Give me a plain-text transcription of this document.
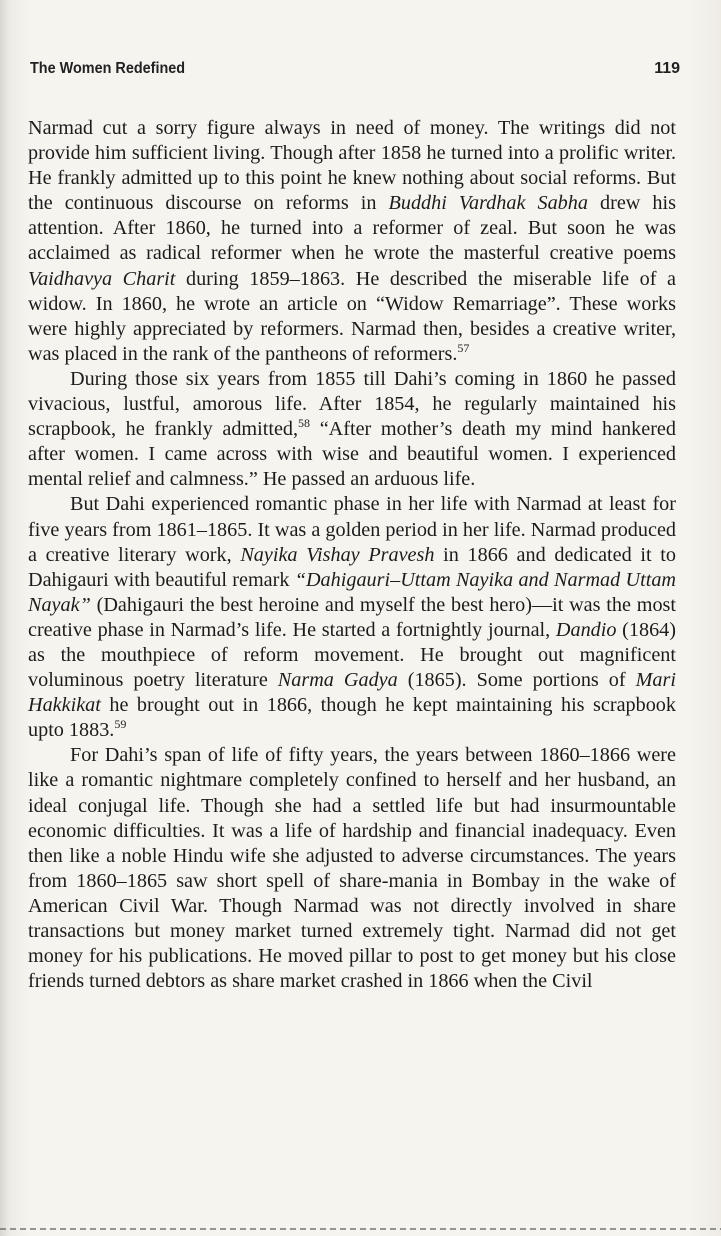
The Women Redefined	119

Narmad cut a sorry figure always in need of money. The writings did not provide him sufficient living. Though after 1858 he turned into a prolific writer. He frankly admitted up to this point he knew nothing about social reforms. But the continuous discourse on reforms in Buddhi Vardhak Sabha drew his attention. After 1860, he turned into a reformer of zeal. But soon he was acclaimed as radical reformer when he wrote the masterful creative poems Vaidhavya Charit during 1859–1863. He described the miserable life of a widow. In 1860, he wrote an article on “Widow Remarriage”. These works were highly appreciated by reformers. Narmad then, besides a creative writer, was placed in the rank of the pantheons of reformers.$^{57}$

During those six years from 1855 till Dahi’s coming in 1860 he passed vivacious, lustful, amorous life. After 1854, he regularly maintained his scrapbook, he frankly admitted,$^{58}$ “After mother’s death my mind hankered after women. I came across with wise and beautiful women. I experienced mental relief and calmness.” He passed an arduous life.

But Dahi experienced romantic phase in her life with Narmad at least for five years from 1861–1865. It was a golden period in her life. Narmad produced a creative literary work, Nayika Vishay Pravesh in 1866 and dedicated it to Dahigauri with beautiful remark “Dahigauri–Uttam Nayika and Narmad Uttam Nayak” (Dahigauri the best heroine and myself the best hero)—it was the most creative phase in Narmad’s life. He started a fortnightly journal, Dandio (1864) as the mouthpiece of reform movement. He brought out magnificent voluminous poetry literature Narma Gadya (1865). Some portions of Mari Hakkikat he brought out in 1866, though he kept maintaining his scrapbook upto 1883.59

For Dahi’s span of life of fifty years, the years between 1860–1866 were like a romantic nightmare completely confined to herself and her husband, an ideal conjugal life. Though she had a settled life but had insurmountable economic difficulties. It was a life of hardship and financial inadequacy. Even then like a noble Hindu wife she adjusted to adverse circumstances. The years from 1860–1865 saw short spell of share-mania in Bombay in the wake of American Civil War. Though Narmad was not directly involved in share transactions but money market turned extremely tight. Narmad did not get money for his publications. He moved pillar to post to get money but his close friends turned debtors as share market crashed in 1866 when the Civil
